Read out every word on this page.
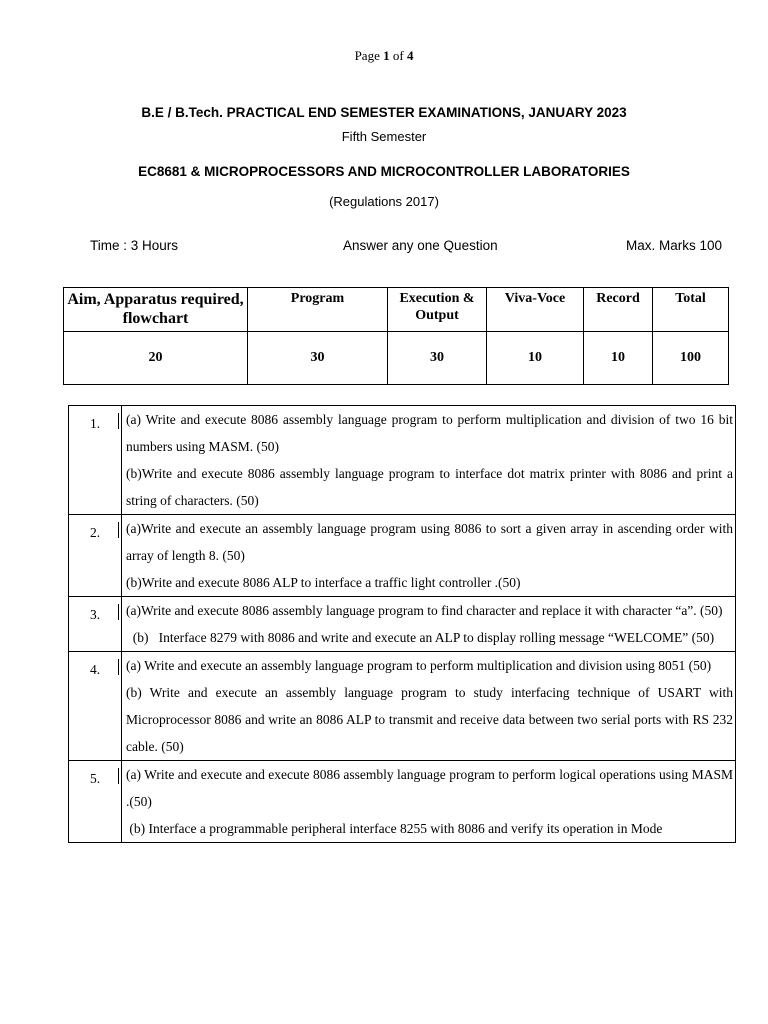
Page 1 of 4
B.E / B.Tech. PRACTICAL END SEMESTER EXAMINATIONS, JANUARY 2023
Fifth Semester
EC8681 & MICROPROCESSORS AND MICROCONTROLLER LABORATORIES
(Regulations 2017)
Time : 3 Hours	Answer any one Question	Max. Marks 100
Aim, Apparatus required, flowchart	Program	Execution & Output	Viva-Voce	Record	Total
20	30	30	10	10	100
1.	(a) Write and execute 8086 assembly language program to perform multiplication and division of two 16 bit numbers using MASM. (50)

(b)Write and execute 8086 assembly language program to interface dot matrix printer with 8086 and print a string of characters. (50)

2.	(a)Write and execute an assembly language program using 8086 to sort a given array in ascending order with array of length 8. (50)

(b)Write and execute 8086 ALP to interface a traffic light controller .(50)

3.	(a)Write and execute 8086 assembly language program to find character and replace it with character “a”. (50)

(b)   Interface 8279 with 8086 and write and execute an ALP to display rolling message “WELCOME” (50)

4.	(a) Write and execute an assembly language program to perform multiplication and division using 8051 (50)

(b) Write and execute an assembly language program to study interfacing technique of USART with Microprocessor 8086 and write an 8086 ALP to transmit and receive data between two serial ports with RS 232 cable. (50)

5.	(a) Write and execute and execute 8086 assembly language program to perform logical operations using MASM .(50)

(b) Interface a programmable peripheral interface 8255 with 8086 and verify its operation in Mode
